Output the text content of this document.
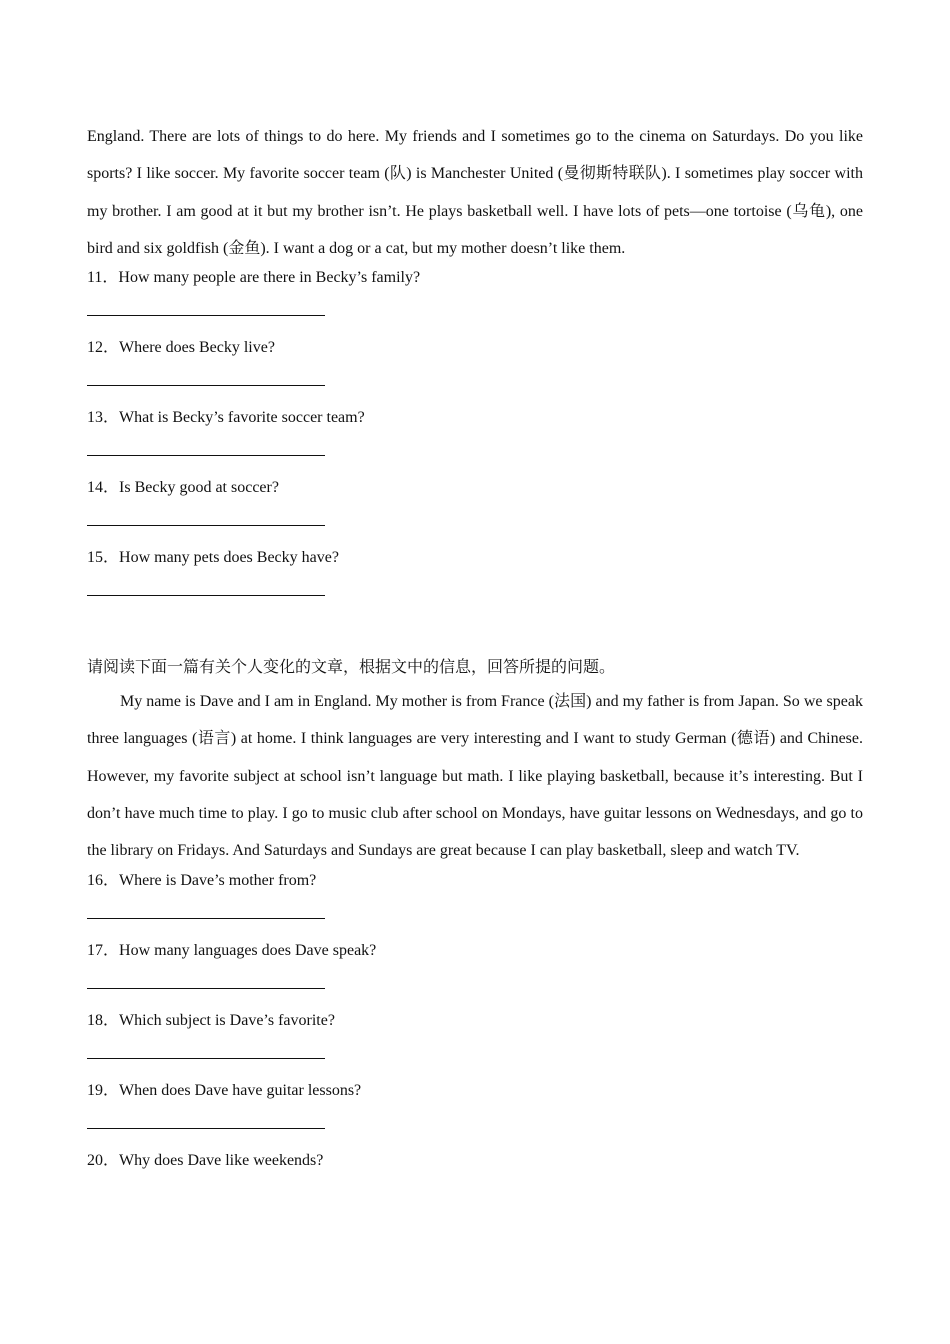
England. There are lots of things to do here. My friends and I sometimes go to the cinema on Saturdays. Do you like sports? I like soccer. My favorite soccer team (队) is Manchester United (曼彻斯特联队). I sometimes play soccer with my brother. I am good at it but my brother isn’t. He plays basketball well. I have lots of pets—one tortoise (乌龟), one bird and six goldfish (金鱼). I want a dog or a cat, but my mother doesn’t like them.

11．How many people are there in Becky’s family?

12．Where does Becky live?

13．What is Becky’s favorite soccer team?

14．Is Becky good at soccer?

15．How many pets does Becky have?

请阅读下面一篇有关个人变化的文章，根据文中的信息，回答所提的问题。

My name is Dave and I am in England. My mother is from France (法国) and my father is from Japan. So we speak three languages (语言) at home. I think languages are very interesting and I want to study German (德语) and Chinese. However, my favorite subject at school isn’t language but math. I like playing basketball, because it’s interesting. But I don’t have much time to play. I go to music club after school on Mondays, have guitar lessons on Wednesdays, and go to the library on Fridays. And Saturdays and Sundays are great because I can play basketball, sleep and watch TV.

16．Where is Dave’s mother from?

17．How many languages does Dave speak?

18．Which subject is Dave’s favorite?

19．When does Dave have guitar lessons?

20．Why does Dave like weekends?
